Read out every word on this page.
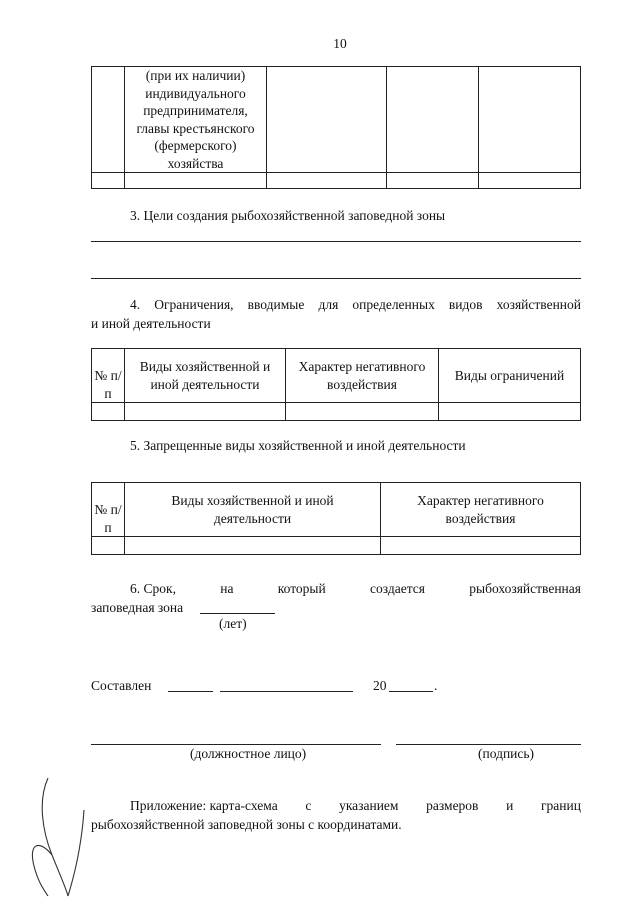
10
	(при их наличии) индивидуального предпринимателя, главы крестьянского (фермерского) хозяйства			

3. Цели создания рыбохозяйственной заповедной зоны
4. Ограничения, вводимые для определенных видов хозяйственной
и иной деятельности
№ п/п	Виды хозяйственной и иной деятельности	Характер негативного воздействия	Виды ограничений

5. Запрещенные виды хозяйственной и иной деятельности
№ п/п	Виды хозяйственной и иной деятельности	Характер негативного воздействия

6. Срок,	на	который	создается	рыбохозяйственная
заповедная зона
(лет)
Составлен	20	.
(должностное лицо)	(подпись)
Приложение: карта-схема с указанием размеров и границ
рыбохозяйственной заповедной зоны с координатами.
